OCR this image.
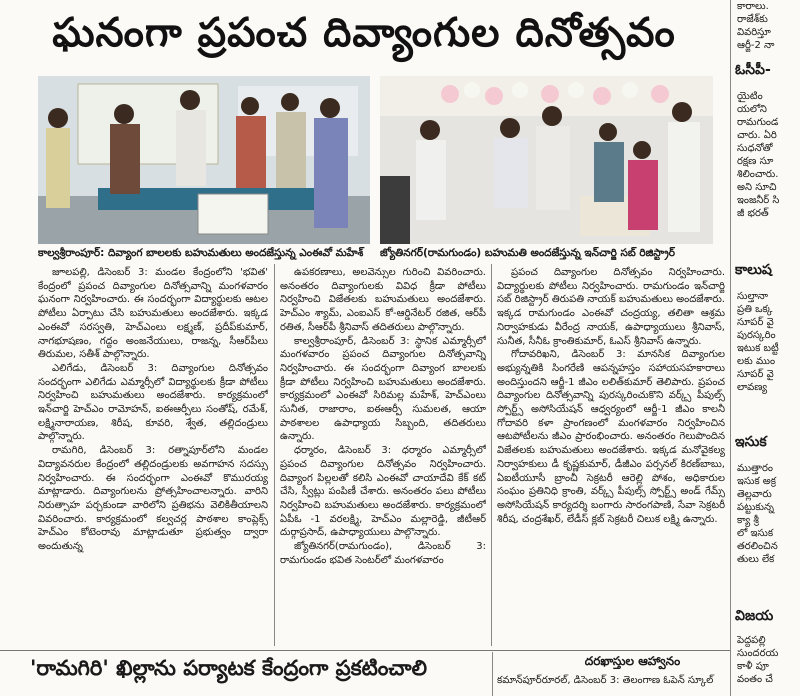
ఘనంగా ప్రపంచ దివ్యాంగుల దినోత్సవం
కాల్వశ్రీరాంపూర్: దివ్యాంగ బాలలకు బహుమతులు అందజేస్తున్న ఎంఈవో మహేశ్	జ్యోతినగర్(రామగుండం) బహుమతి అందజేస్తున్న ఇన్‌చార్జి సబ్ రిజిస్ట్రార్

జూలపల్లి, డిసెంబర్ 3: మండల కేంద్రంలోని 'భవిత' కేంద్రంలో ప్రపంచ దివ్యాంగుల దినోత్సవాన్ని మంగళవారం ఘనంగా నిర్వహించారు. ఈ సందర్భంగా విద్యార్థులకు ఆటల పోటీలు ఏర్పాటు చేసి బహుమతులు అందజేశారు. ఇక్కడ ఎంఈవో సరస్వతి, హెచ్ఎంలు లక్ష్మణ్, ప్రదీప్‌కుమార్, నాగభూషణం, గద్దం అంజనేయులు, రాజన్న, సీఆర్‌పీలు తిరుమల, సతీశ్ పాల్గొన్నారు.

ఎలిగేడు, డిసెంబర్ 3: దివ్యాంగుల దినోత్సవం సందర్భంగా ఎలిగేడు ఎమ్మార్సీలో విద్యార్థులకు క్రీడా పోటీలు నిర్వహించి బహుమతులు అందజేశారు. కార్యక్రమంలో ఇన్‌చార్జి హెచ్ఎం రామోహన్, ఐఈఆర్పీలు సంతోష్, రమేశ్, లక్ష్మినారాయణ, శిరీష, కూవరి, శ్వేత, తల్లిదండ్రులు పాల్గొన్నారు.

రామగిరి, డిసెంబర్ 3: రత్నాపూర్‌లోని మండల విద్యావనరుల కేంద్రంలో తల్లిదండ్రులకు అవగాహన సదస్సు నిర్వహించారు. ఈ సందర్భంగా ఎంఈవో కొమురయ్య మాట్లాడారు. దివ్యాంగులను ప్రోత్సహించాలన్నారు. వారిని నిరుత్సాహ పర్చకుండా వారిలోని ప్రతిభను వెలికితీయాలని వివరించారు. కార్యక్రమంలో కల్వచర్ల పాఠశాల కాంప్లెక్స్ హెచ్ఎం కోటెంరావు మాట్లాడుతూ ప్రభుత్వం ద్వారా అందుతున్న

ఉపకరణాలు, అలవెన్సుల గురించి వివరించారు. అనంతరం దివ్యాంగులకు వివిధ క్రీడా పోటీలు నిర్వహించి విజేతలకు బహుమతులు అందజేశారు. హెచ్ఎం శ్యామ్, ఎంఐఎస్ కో-ఆర్డినేటర్ రజిత, ఆర్‌పీ రతిత, సీఆర్‌పీ శ్రీనివాస్ తదితరులు పాల్గొన్నారు.

కాల్వశ్రీరాంపూర్, డిసెంబర్ 3: స్థానిక ఎమ్మార్సీలో మంగళవారం ప్రపంచ దివ్యాంగుల దినోత్సవాన్ని నిర్వహించారు. ఈ సందర్భంగా దివ్యాంగ బాలలకు క్రీడా పోటీలు నిర్వహించి బహుమతులు అందజేశారు. కార్యక్రమంలో ఎంఈవో సిరిమల్ల మహేశ్, హెచ్ఎంలు సునీత, రాజారాం, ఐఈఆర్పీ సుమలత, ఆయా పాఠశాలల ఉపాధ్యాయ సిబ్బంది, తదితరులు ఉన్నారు.

ధర్మారం, డిసెంబర్ 3: ధర్మారం ఎమ్మార్సీలో ప్రపంచ దివ్యాంగుల దినోత్సవం నిర్వహించారు. దివ్యాంగ పిల్లలతో కలిసి ఎంఈవో చాయాదేవి కేక్ కట్ చేసి, స్వీట్లు పంపిణీ చేశారు. అనంతరం పలు పోటీలు నిర్వహించి బహుమతులు అందజేశారు. కార్యక్రమంలో ఏపీఓ -1 వరలక్ష్మి, హెచ్ఎం మల్లారెడ్డి, జీటీఆర్ దుర్గాప్రసాద్, ఉపాధ్యాయులు పాల్గొన్నారు.

జ్యోతినగర్(రామగుండం), డిసెంబర్ 3: రామగుండం భవిత సెంటర్‌లో మంగళవారం

ప్రపంచ దివ్యాంగుల దినోత్సవం నిర్వహించారు. విద్యార్థులకు పోటీలు నిర్వహించారు. రామగుండం ఇన్‌చార్జి సబ్ రిజిస్ట్రార్ తిరుపతి నాయక్ బహుమతులు అందజేశారు. ఇక్కడ రామగుండం ఎంఈవో చంద్రయ్య, తలితా ఆశ్రమ నిర్వాహకుడు వీరేంద్ర నాయక్, ఉపాధ్యాయులు శ్రీనివాస్, సునీత, సీనీఓ క్రాంతికుమార్, ఓఎస్ శ్రీనివాస్ ఉన్నారు.

గోదావరిఖని, డిసెంబర్ 3: మానసిక దివ్యాంగుల అభ్యున్నతికి సింగరేణి ఆపన్నహస్తం సహాయసహకారాలు అందిస్తుందని ఆర్జీ-1 జీఎం లలిత్‌కుమార్ తెలిపారు. ప్రపంచ దివ్యాంగుల దినోత్సవాన్ని పురస్కరించుకొని వర్క్స్ పీపుల్స్ స్పోర్ట్స్ అసోసియేషన్ ఆధ్వర్యంలో ఆర్జీ-1 జీఎం కాలనీ గోదావరి కళా ప్రాంగణంలో మంగళవారం నిర్వహించిన ఆటపోటీలను జీఎం ప్రారంభించారు. అనంతరం గెలుపొందిన విజేతలకు బహుమతులు అందజేశారు. ఇక్కడ మనోవైకల్య నిర్వాహకులు డీ కృష్ణకుమార్, డీజీఎం పర్సనల్ కిరణ్‌బాబు, ఏఐటీయూసీ బ్రాంచీ సెక్రటరీ ఆరెల్లి పోశం, అధికారుల సంఘం ప్రతినిధి క్రాంతి, వర్క్స్ పీపుల్స్ స్పోర్ట్స్ అండ్ గేమ్స్ అసోసియేషన్ కార్యదర్శి బంగారు సారంగపాణి, సేవా సెక్రటరీ శిరీష, చంద్రశేఖర్, లేడీస్ క్లబ్ సెక్రటరీ చిలుక లక్ష్మి ఉన్నారు.

'రామగిరి' ఖిల్లాను పర్యాటక కేంద్రంగా ప్రకటించాలి	దరఖాస్తుల ఆహ్వానం
కమాన్‌పూర్‌రూరల్, డిసెంబర్ 3: తెలంగాణ ఓపెన్ స్కూల్
కారాలు.
రాజేశ్‌కు
వివరిస్తూ
ఆర్జీ-2 నా
ఓసీపీ-
యైటిం
యలోని
రామగుండ
చారు. ఏరి
సుధనోతో
రక్షణ సూ
శిలించారు.
అని సూచి
ఇంజనీర్ సి
జీ భరత్
కాలుష
సుల్తానా
ప్రతి ఒక్క
సూపర్ వై
పురస్కరిం
ఇటుక బట్టీ
లకు ముం
సూపర్ వై
లావణ్య
ఇసుక
ముత్తారం
ఇసుక అక్ర
తెల్లవారు
పట్టుకున్న
క్యా శ్రీ
లో ఇసుక
తరలించిన
తులు లేక
విజయ
పెద్దపల్లి
సుందరయ
కాళీ పూ
వంతం చే
